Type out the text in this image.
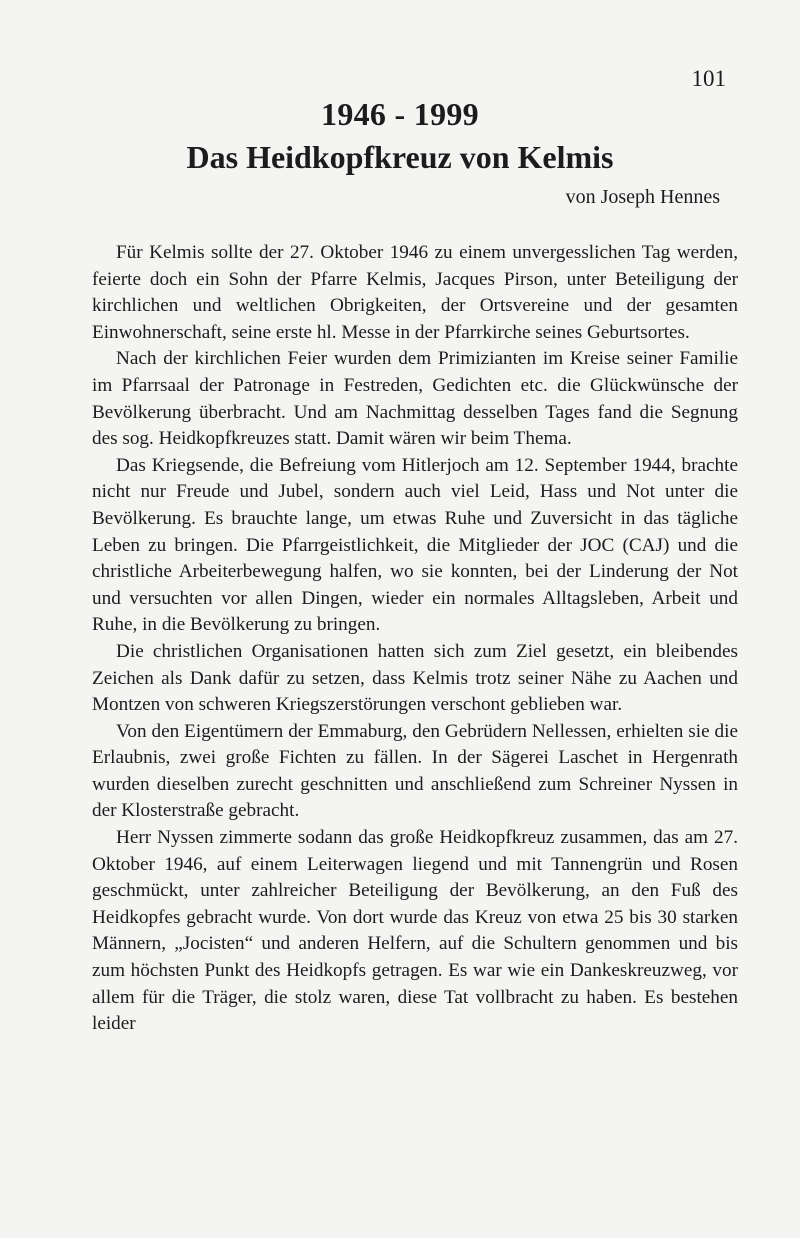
101
1946 - 1999
Das Heidkopfkreuz von Kelmis
von Joseph Hennes

Für Kelmis sollte der 27. Oktober 1946 zu einem unvergesslichen Tag werden, feierte doch ein Sohn der Pfarre Kelmis, Jacques Pirson, unter Beteiligung der kirchlichen und weltlichen Obrigkeiten, der Ortsvereine und der gesamten Einwohnerschaft, seine erste hl. Messe in der Pfarrkirche seines Geburtsortes.

Nach der kirchlichen Feier wurden dem Primizianten im Kreise seiner Familie im Pfarrsaal der Patronage in Festreden, Gedichten etc. die Glückwünsche der Bevölkerung überbracht. Und am Nachmittag desselben Tages fand die Segnung des sog. Heidkopfkreuzes statt. Damit wären wir beim Thema.

Das Kriegsende, die Befreiung vom Hitlerjoch am 12. September 1944, brachte nicht nur Freude und Jubel, sondern auch viel Leid, Hass und Not unter die Bevölkerung. Es brauchte lange, um etwas Ruhe und Zuversicht in das tägliche Leben zu bringen. Die Pfarrgeistlichkeit, die Mitglieder der JOC (CAJ) und die christliche Arbeiterbewegung halfen, wo sie konnten, bei der Linderung der Not und versuchten vor allen Dingen, wieder ein normales Alltagsleben, Arbeit und Ruhe, in die Bevölkerung zu bringen.

Die christlichen Organisationen hatten sich zum Ziel gesetzt, ein bleibendes Zeichen als Dank dafür zu setzen, dass Kelmis trotz seiner Nähe zu Aachen und Montzen von schweren Kriegszerstörungen verschont geblieben war.

Von den Eigentümern der Emmaburg, den Gebrüdern Nellessen, erhielten sie die Erlaubnis, zwei große Fichten zu fällen. In der Sägerei Laschet in Hergenrath wurden dieselben zurecht geschnitten und anschließend zum Schreiner Nyssen in der Klosterstraße gebracht.

Herr Nyssen zimmerte sodann das große Heidkopfkreuz zusammen, das am 27. Oktober 1946, auf einem Leiterwagen liegend und mit Tannengrün und Rosen geschmückt, unter zahlreicher Beteiligung der Bevölkerung, an den Fuß des Heidkopfes gebracht wurde. Von dort wurde das Kreuz von etwa 25 bis 30 starken Männern, „Jocisten“ und anderen Helfern, auf die Schultern genommen und bis zum höchsten Punkt des Heidkopfs getragen. Es war wie ein Dankeskreuzweg, vor allem für die Träger, die stolz waren, diese Tat vollbracht zu haben. Es bestehen leider
